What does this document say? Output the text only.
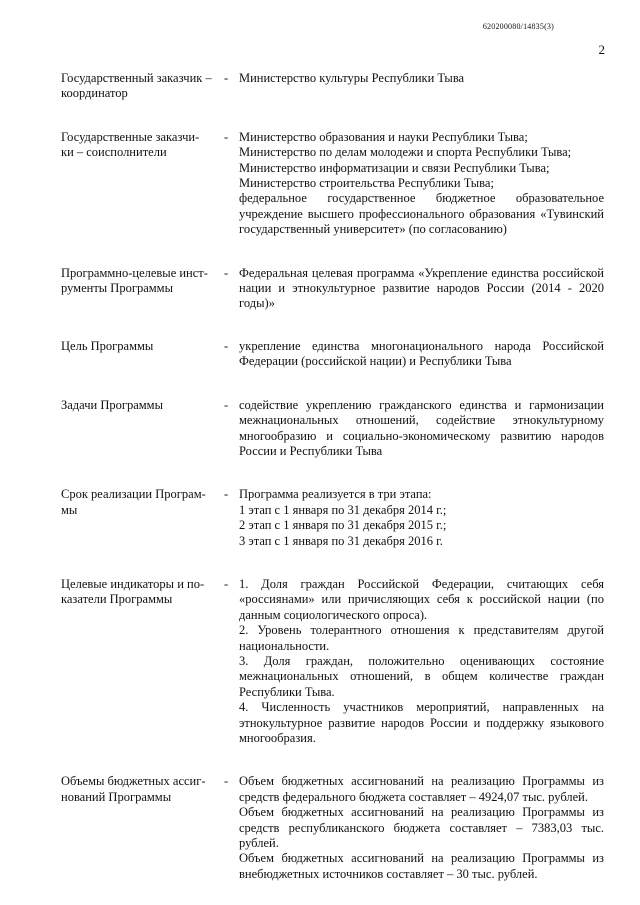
620200080/14835(3)
2
Государственный заказчик –
координатор
- Министерство культуры Республики Тыва
Государственные заказчи-
ки – соисполнители
- Министерство образования и науки Республики Тыва;
Министерство по делам молодежи и спорта Республики Тыва;
Министерство информатизации и связи Республики Тыва;
Министерство строительства Республики Тыва;
федеральное государственное бюджетное образовательное учреждение высшего профессионального образования «Тувинский государственный университет» (по согласованию)
Программно-целевые инст-
рументы Программы
- Федеральная целевая программа «Укрепление единства российской нации и этнокультурное развитие народов России (2014 - 2020 годы)»
Цель Программы	- укрепление единства многонационального народа Российской Федерации (российской нации) и Республики Тыва
Задачи Программы	- содействие укреплению гражданского единства и гармонизации межнациональных отношений, содействие этнокультурному многообразию и социально-экономическому развитию народов России и Республики Тыва
Срок реализации Програм-
мы
- Программа реализуется в три этапа:
1 этап с 1 января по 31 декабря 2014 г.;
2 этап с 1 января по 31 декабря 2015 г.;
3 этап с 1 января по 31 декабря 2016 г.
Целевые индикаторы и по-
казатели Программы
- 1. Доля граждан Российской Федерации, считающих себя «россиянами» или причисляющих себя к российской нации (по данным социологического опроса).
2. Уровень толерантного отношения к представителям другой национальности.
3. Доля граждан, положительно оценивающих состояние межнациональных отношений, в общем количестве граждан Республики Тыва.
4. Численность участников мероприятий, направленных на этнокультурное развитие народов России и поддержку языкового многообразия.
Объемы бюджетных ассиг-
нований Программы
- Объем бюджетных ассигнований на реализацию Программы из средств федерального бюджета составляет – 4924,07 тыс. рублей.
Объем бюджетных ассигнований на реализацию Программы из средств республиканского бюджета составляет – 7383,03 тыс. рублей.
Объем бюджетных ассигнований на реализацию Программы из внебюджетных источников составляет – 30 тыс. рублей.
